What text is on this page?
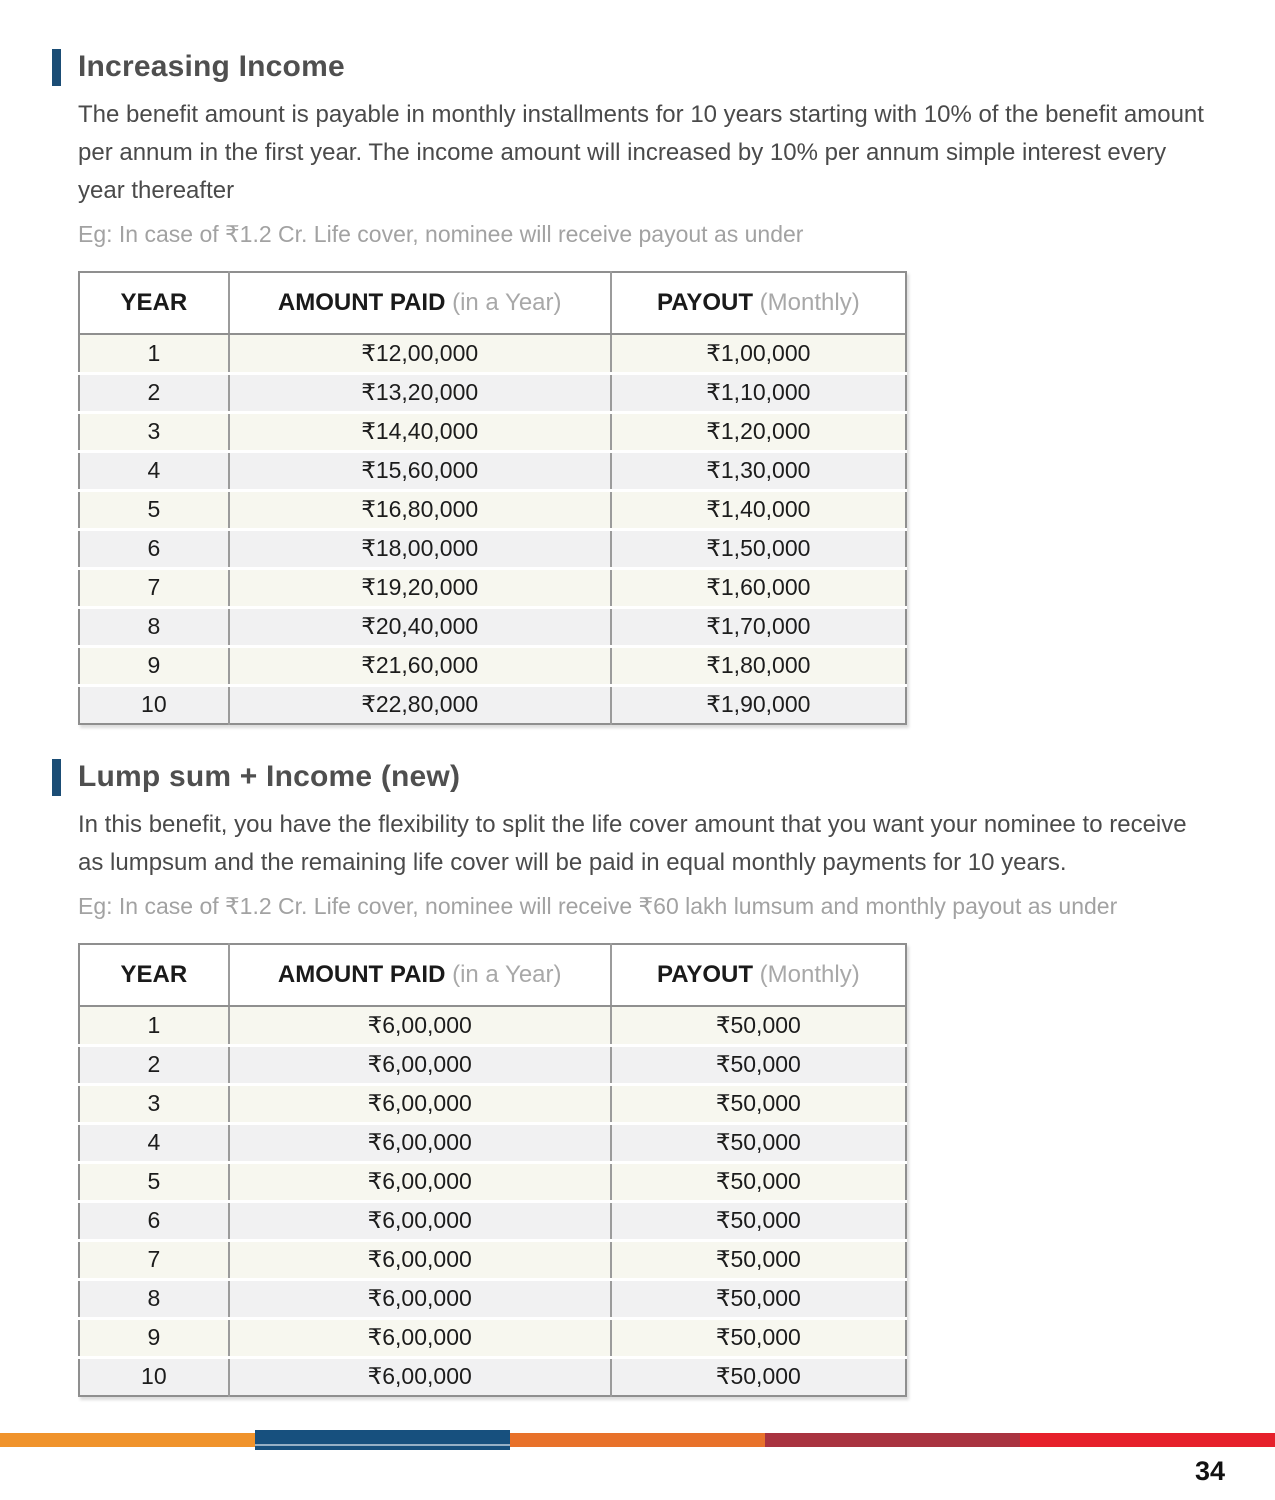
Increasing Income

The benefit amount is payable in monthly installments for 10 years starting with 10% of the benefit amount per annum in the first year. The income amount will increased by 10% per annum simple interest every year thereafter

Eg: In case of ₹1.2 Cr. Life cover, nominee will receive payout as under

YEAR	AMOUNT PAID (in a Year)	PAYOUT (Monthly)
1	₹12,00,000	₹1,00,000
2	₹13,20,000	₹1,10,000
3	₹14,40,000	₹1,20,000
4	₹15,60,000	₹1,30,000
5	₹16,80,000	₹1,40,000
6	₹18,00,000	₹1,50,000
7	₹19,20,000	₹1,60,000
8	₹20,40,000	₹1,70,000
9	₹21,60,000	₹1,80,000
10	₹22,80,000	₹1,90,000
Lump sum + Income (new)

In this benefit, you have the flexibility to split the life cover amount that you want your nominee to receive as lumpsum and the remaining life cover will be paid in equal monthly payments for 10 years.

Eg: In case of ₹1.2 Cr. Life cover, nominee will receive ₹60 lakh lumsum and monthly payout as under

YEAR	AMOUNT PAID (in a Year)	PAYOUT (Monthly)
1	₹6,00,000	₹50,000
2	₹6,00,000	₹50,000
3	₹6,00,000	₹50,000
4	₹6,00,000	₹50,000
5	₹6,00,000	₹50,000
6	₹6,00,000	₹50,000
7	₹6,00,000	₹50,000
8	₹6,00,000	₹50,000
9	₹6,00,000	₹50,000
10	₹6,00,000	₹50,000
34
